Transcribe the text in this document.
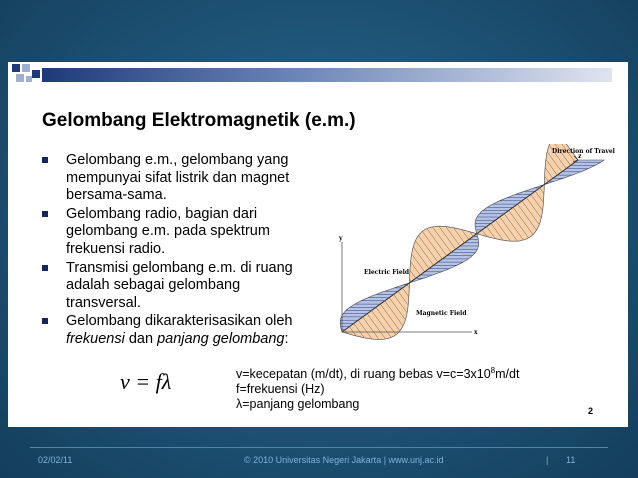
Gelombang Elektromagnetik (e.m.)
Gelombang e.m., gelombang yang mempunyai sifat listrik dan magnet bersama-sama.
Gelombang radio, bagian dari gelombang e.m. pada spektrum frekuensi radio.
Transmisi gelombang e.m. di ruang adalah sebagai gelombang transversal.
Gelombang dikarakterisasikan oleh frekuensi dan panjang gelombang:
v = fλ	v=kecepatan (m/dt), di ruang bebas $v=c=3x10^8m/dt$
f=frekuensi (Hz)
λ=panjang gelombang	2
Direction of Travel
z
y
x
Electric Field
Magnetic Field
02/02/11	© 2010 Universitas Negeri Jakarta | www.unj.ac.id	| 11
